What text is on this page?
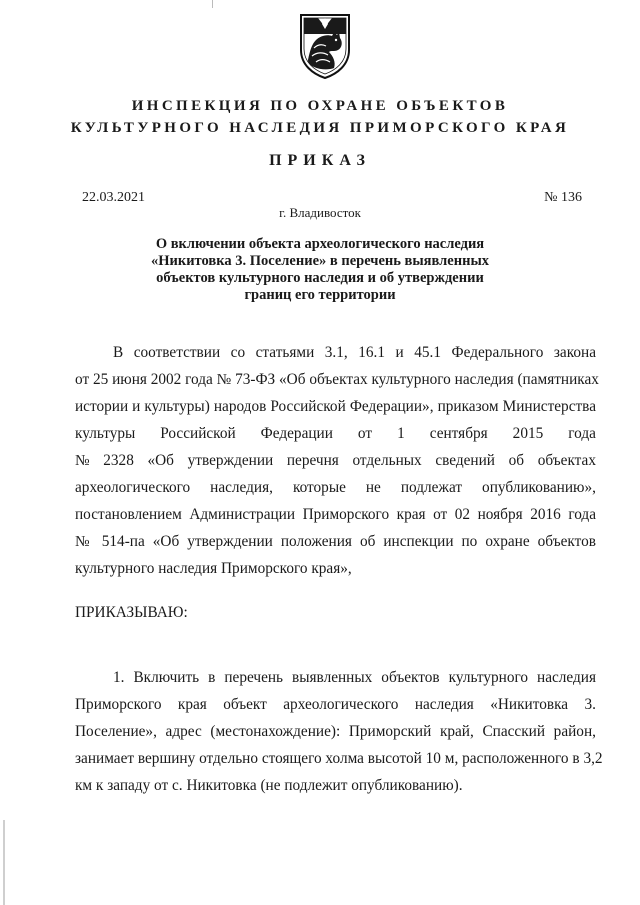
ИНСПЕКЦИЯ ПО ОХРАНЕ ОБЪЕКТОВ
КУЛЬТУРНОГО НАСЛЕДИЯ ПРИМОРСКОГО КРАЯ
ПРИКАЗ
22.03.2021	№ 136
г. Владивосток
О включении объекта археологического наследия
«Никитовка 3. Поселение» в перечень выявленных
объектов культурного наследия и об утверждении
границ его территории
В соответствии со статьями 3.1, 16.1 и 45.1 Федерального закона
от 25 июня 2002 года № 73-ФЗ «Об объектах культурного наследия (памятниках
истории и культуры) народов Российской Федерации», приказом Министерства
культуры Российской Федерации от 1 сентября 2015 года
№ 2328 «Об утверждении перечня отдельных сведений об объектах
археологического наследия, которые не подлежат опубликованию»,
постановлением Администрации Приморского края от 02 ноября 2016 года
№ 514-па «Об утверждении положения об инспекции по охране объектов
культурного наследия Приморского края»,
ПРИКАЗЫВАЮ:
1. Включить в перечень выявленных объектов культурного наследия
Приморского края объект археологического наследия «Никитовка 3.
Поселение», адрес (местонахождение): Приморский край, Спасский район,
занимает вершину отдельно стоящего холма высотой 10 м, расположенного в 3,2
км к западу от с. Никитовка (не подлежит опубликованию).
